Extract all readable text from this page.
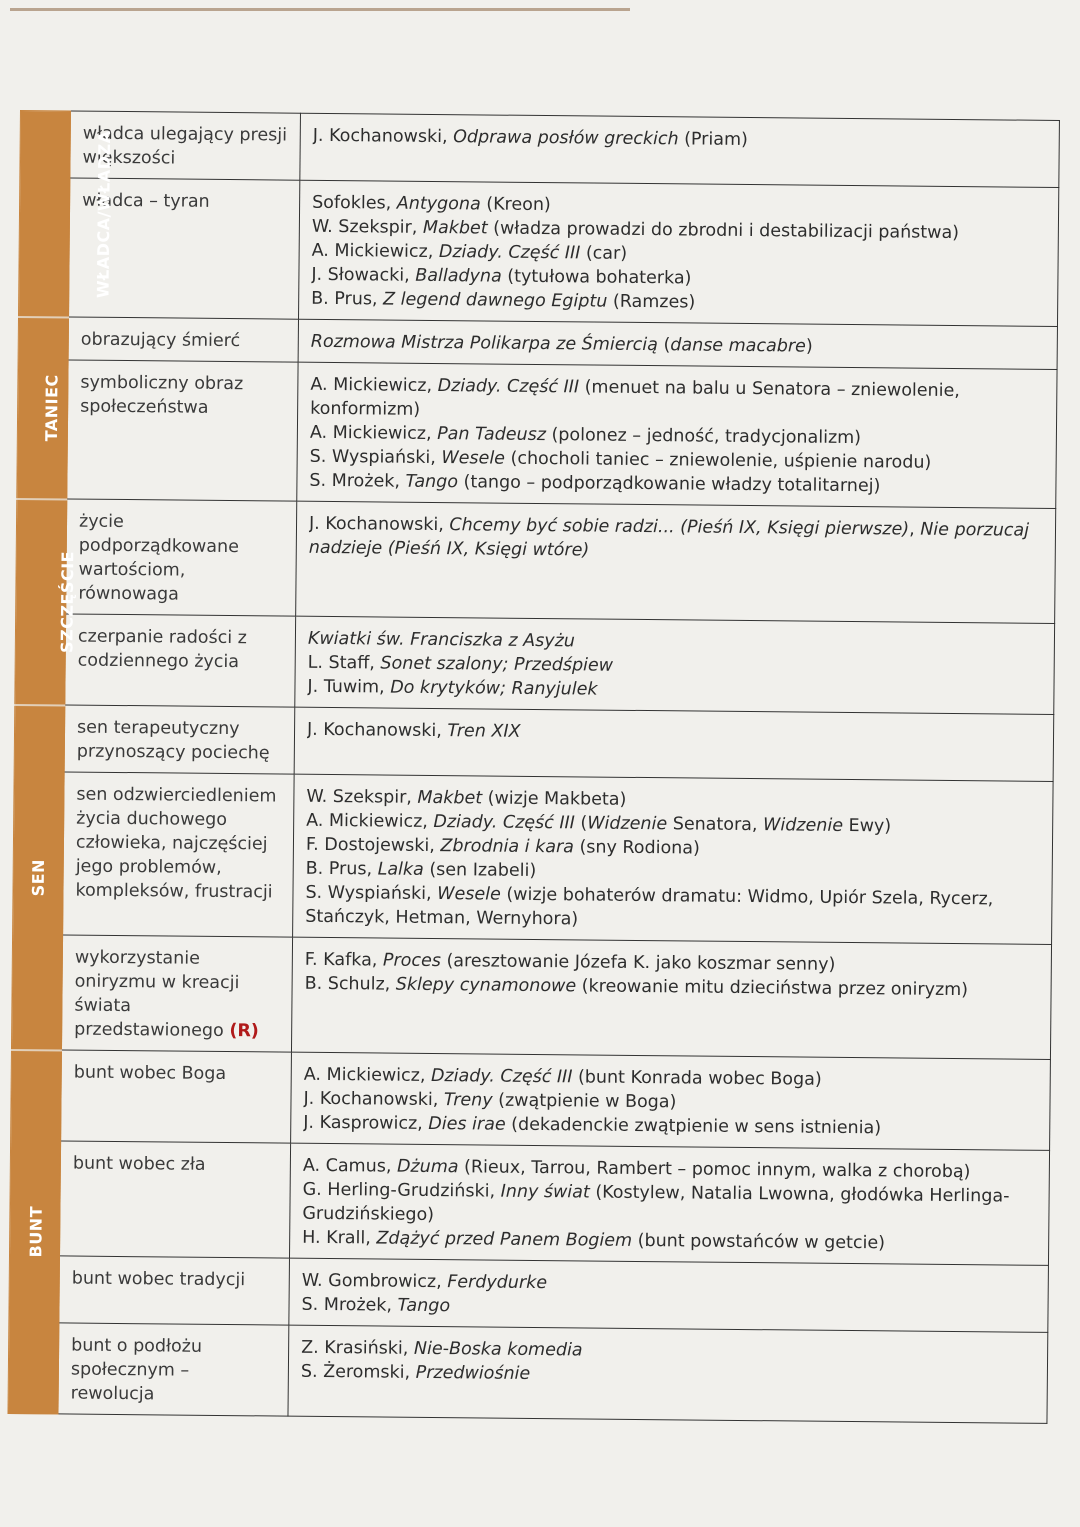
WŁADCA/WŁADZA	władca ulegający presji większości	J. Kochanowski, Odprawa posłów greckich (Priam)

	władca – tyran	Sofokles, Antygona (Kreon)
W. Szekspir, Makbet (władza prowadzi do zbrodni i destabilizacji państwa)
A. Mickiewicz, Dziady. Część III (car)
J. Słowacki, Balladyna (tytułowa bohaterka)
B. Prus, Z legend dawnego Egiptu (Ramzes)

TANIEC	obrazujący śmierć	Rozmowa Mistrza Polikarpa ze Śmiercią (danse macabre)

	symboliczny obraz społeczeństwa	A. Mickiewicz, Dziady. Część III (menuet na balu u Senatora – zniewolenie, konformizm)
A. Mickiewicz, Pan Tadeusz (polonez – jedność, tradycjonalizm)
S. Wyspiański, Wesele (chocholi taniec – zniewolenie, uśpienie narodu)
S. Mrożek, Tango (tango – podporządkowanie władzy totalitarnej)

SZCZĘŚCIE	życie podporządkowane wartościom, równowaga	J. Kochanowski, Chcemy być sobie radzi... (Pieśń IX, Księgi pierwsze), Nie porzucaj nadzieje (Pieśń IX, Księgi wtóre)

	czerpanie radości z codziennego życia	Kwiatki św. Franciszka z Asyżu
L. Staff, Sonet szalony; Przedśpiew
J. Tuwim, Do krytyków; Ranyjulek

SEN	sen terapeutyczny przynoszący pociechę	J. Kochanowski, Tren XIX

	sen odzwierciedleniem życia duchowego człowieka, najczęściej jego problemów, kompleksów, frustracji	W. Szekspir, Makbet (wizje Makbeta)
A. Mickiewicz, Dziady. Część III (Widzenie Senatora, Widzenie Ewy)
F. Dostojewski, Zbrodnia i kara (sny Rodiona)
B. Prus, Lalka (sen Izabeli)
S. Wyspiański, Wesele (wizje bohaterów dramatu: Widmo, Upiór Szela, Rycerz, Stańczyk, Hetman, Wernyhora)

	wykorzystanie oniryzmu w kreacji świata przedstawionego (R)	F. Kafka, Proces (aresztowanie Józefa K. jako koszmar senny)
B. Schulz, Sklepy cynamonowe (kreowanie mitu dzieciństwa przez oniryzm)

BUNT	bunt wobec Boga	A. Mickiewicz, Dziady. Część III (bunt Konrada wobec Boga)
J. Kochanowski, Treny (zwątpienie w Boga)
J. Kasprowicz, Dies irae (dekadenckie zwątpienie w sens istnienia)

	bunt wobec zła	A. Camus, Dżuma (Rieux, Tarrou, Rambert – pomoc innym, walka z chorobą)
G. Herling-Grudziński, Inny świat (Kostylew, Natalia Lwowna, głodówka Herlinga-Grudzińskiego)
H. Krall, Zdążyć przed Panem Bogiem (bunt powstańców w getcie)

	bunt wobec tradycji	W. Gombrowicz, Ferdydurke
S. Mrożek, Tango

	bunt o podłożu społecznym – rewolucja	Z. Krasiński, Nie-Boska komedia
S. Żeromski, Przedwiośnie
